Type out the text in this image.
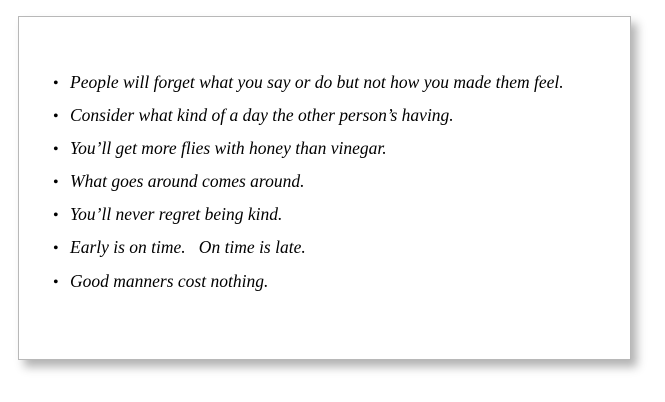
• People will forget what you say or do but not how you made them feel.
• Consider what kind of a day the other person’s having.
• You’ll get more flies with honey than vinegar.
• What goes around comes around.
• You’ll never regret being kind.
• Early is on time.   On time is late.
• Good manners cost nothing.
